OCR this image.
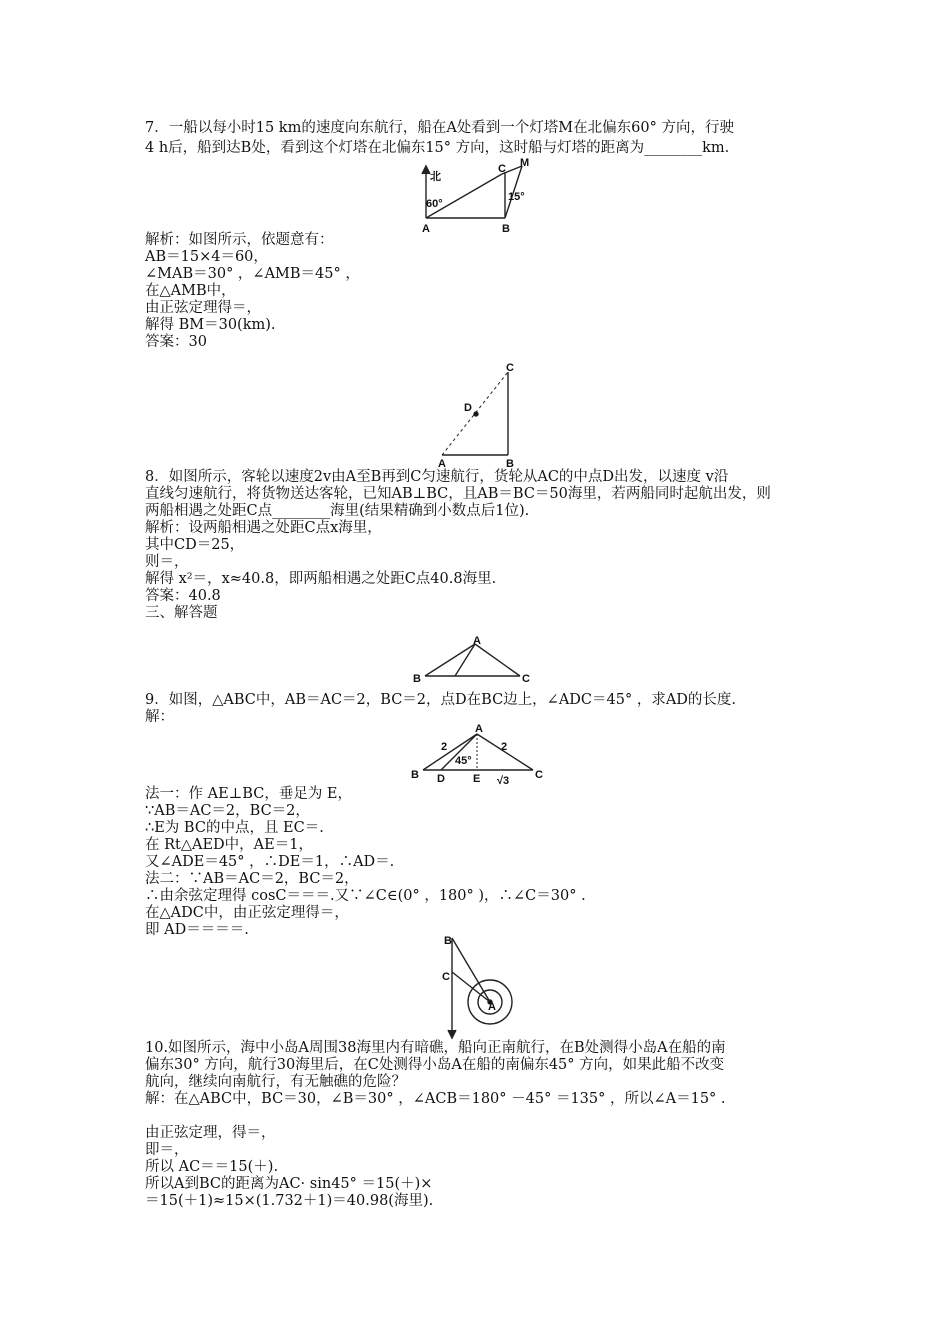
7．一船以每小时15 km的速度向东航行，船在A处看到一个灯塔M在北偏东60° 方向，行驶
4 h后，船到达B处，看到这个灯塔在北偏东15° 方向，这时船与灯塔的距离为________km.
北
60°
15°
A	B
C M
解析：如图所示，依题意有：
AB＝15×4＝60，
∠MAB＝30° ，∠AMB＝45° ，
在△AMB中，
由正弦定理得＝，
解得 BM＝30(km).
答案：30
C
D
A	B
8．如图所示，客轮以速度2v由A至B再到C匀速航行，货轮从AC的中点D出发，以速度 v沿
直线匀速航行，将货物送达客轮，已知AB⊥BC，且AB＝BC＝50海里，若两船同时起航出发，则
两船相遇之处距C点________海里(结果精确到小数点后1位).
解析：设两船相遇之处距C点x海里，
其中CD＝25，
则＝，
解得 x²＝，x≈40.8，即两船相遇之处距C点40.8海里.
答案：40.8
三、解答题
A
B	C
9．如图，△ABC中，AB＝AC＝2，BC＝2，点D在BC边上，∠ADC＝45° ，求AD的长度.
解：
A
B	C
D	E
2	2
45°
√3
法一：作 AE⊥BC，垂足为 E，
∵AB＝AC＝2，BC＝2，
∴E为 BC的中点，且 EC＝.
在 Rt△AED中，AE＝1，
又∠ADE＝45° ，∴DE＝1，∴AD＝.
法二：∵AB＝AC＝2，BC＝2，
∴由余弦定理得 cosC＝＝＝.又∵∠C∈(0° ，180° )，∴∠C＝30° .
在△ADC中，由正弦定理得＝，
即 AD＝＝＝＝.
B
C
A
10.如图所示，海中小岛A周围38海里内有暗礁，船向正南航行，在B处测得小岛A在船的南
偏东30° 方向，航行30海里后，在C处测得小岛A在船的南偏东45° 方向，如果此船不改变
航向，继续向南航行，有无触礁的危险？
解：在△ABC中，BC＝30，∠B＝30° ，∠ACB＝180° －45° ＝135° ，所以∠A＝15° .
由正弦定理，得＝，
即＝，
所以 AC＝＝15(＋).
所以A到BC的距离为AC· sin45° ＝15(＋)×
＝15(＋1)≈15×(1.732＋1)＝40.98(海里).
